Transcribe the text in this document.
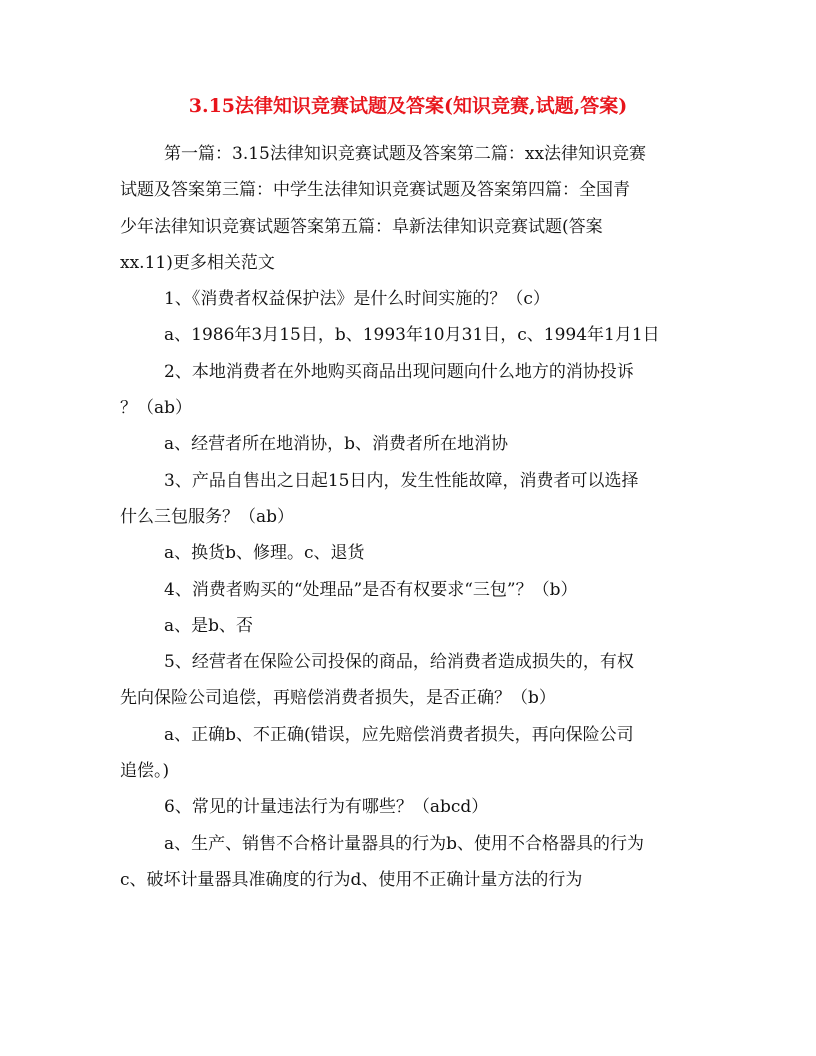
3.15法律知识竞赛试题及答案(知识竞赛,试题,答案)
第一篇：3.15法律知识竞赛试题及答案第二篇：xx法律知识竞赛
试题及答案第三篇：中学生法律知识竞赛试题及答案第四篇：全国青
少年法律知识竞赛试题答案第五篇：阜新法律知识竞赛试题(答案
xx.11)更多相关范文
1、《消费者权益保护法》是什么时间实施的？（c）
a、1986年3月15日，b、1993年10月31日，c、1994年1月1日
2、本地消费者在外地购买商品出现问题向什么地方的消协投诉
？（ab）
a、经营者所在地消协，b、消费者所在地消协
3、产品自售出之日起15日内，发生性能故障，消费者可以选择
什么三包服务？（ab）
a、换货b、修理。c、退货
4、消费者购买的“处理品”是否有权要求“三包”？（b）
a、是b、否
5、经营者在保险公司投保的商品，给消费者造成损失的，有权
先向保险公司追偿，再赔偿消费者损失，是否正确？（b）
a、正确b、不正确(错误，应先赔偿消费者损失，再向保险公司
追偿。)
6、常见的计量违法行为有哪些？（abcd）
a、生产、销售不合格计量器具的行为b、使用不合格器具的行为
c、破坏计量器具准确度的行为d、使用不正确计量方法的行为
